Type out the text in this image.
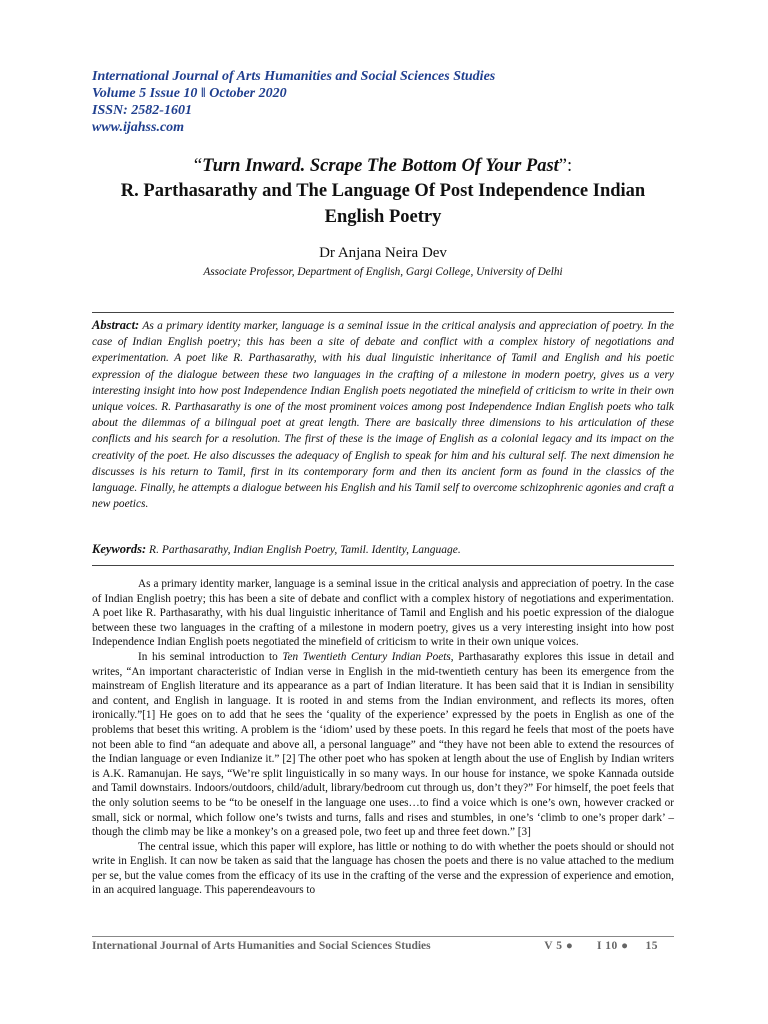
International Journal of Arts Humanities and Social Sciences Studies
Volume 5 Issue 10 ǁ October 2020
ISSN: 2582-1601
www.ijahss.com
“Turn Inward. Scrape The Bottom Of Your Past”:
R. Parthasarathy and The Language Of Post Independence Indian English Poetry
Dr Anjana Neira Dev
Associate Professor, Department of English, Gargi College, University of Delhi
Abstract: As a primary identity marker, language is a seminal issue in the critical analysis and appreciation of poetry. In the case of Indian English poetry; this has been a site of debate and conflict with a complex history of negotiations and experimentation. A poet like R. Parthasarathy, with his dual linguistic inheritance of Tamil and English and his poetic expression of the dialogue between these two languages in the crafting of a milestone in modern poetry, gives us a very interesting insight into how post Independence Indian English poets negotiated the minefield of criticism to write in their own unique voices. R. Parthasarathy is one of the most prominent voices among post Independence Indian English poets who talk about the dilemmas of a bilingual poet at great length. There are basically three dimensions to his articulation of these conflicts and his search for a resolution. The first of these is the image of English as a colonial legacy and its impact on the creativity of the poet. He also discusses the adequacy of English to speak for him and his cultural self. The next dimension he discusses is his return to Tamil, first in its contemporary form and then its ancient form as found in the classics of the language. Finally, he attempts a dialogue between his English and his Tamil self to overcome schizophrenic agonies and craft a new poetics.
Keywords: R. Parthasarathy, Indian English Poetry, Tamil. Identity, Language.

As a primary identity marker, language is a seminal issue in the critical analysis and appreciation of poetry. In the case of Indian English poetry; this has been a site of debate and conflict with a complex history of negotiations and experimentation. A poet like R. Parthasarathy, with his dual linguistic inheritance of Tamil and English and his poetic expression of the dialogue between these two languages in the crafting of a milestone in modern poetry, gives us a very interesting insight into how post Independence Indian English poets negotiated the minefield of criticism to write in their own unique voices.

In his seminal introduction to Ten Twentieth Century Indian Poets, Parthasarathy explores this issue in detail and writes, “An important characteristic of Indian verse in English in the mid-twentieth century has been its emergence from the mainstream of English literature and its appearance as a part of Indian literature. It has been said that it is Indian in sensibility and content, and English in language. It is rooted in and stems from the Indian environment, and reflects its mores, often ironically.”[1] He goes on to add that he sees the ‘quality of the experience’ expressed by the poets in English as one of the problems that beset this writing. A problem is the ‘idiom’ used by these poets. In this regard he feels that most of the poets have not been able to find “an adequate and above all, a personal language” and “they have not been able to extend the resources of the Indian language or even Indianize it.” [2] The other poet who has spoken at length about the use of English by Indian writers is A.K. Ramanujan. He says, “We’re split linguistically in so many ways. In our house for instance, we spoke Kannada outside and Tamil downstairs. Indoors/outdoors, child/adult, library/bedroom cut through us, don’t they?” For himself, the poet feels that the only solution seems to be “to be oneself in the language one uses…to find a voice which is one’s own, however cracked or small, sick or normal, which follow one’s twists and turns, falls and rises and stumbles, in one’s ‘climb to one’s proper dark’ – though the climb may be like a monkey’s on a greased pole, two feet up and three feet down.” [3]

The central issue, which this paper will explore, has little or nothing to do with whether the poets should or should not write in English. It can now be taken as said that the language has chosen the poets and there is no value attached to the medium per se, but the value comes from the efficacy of its use in the crafting of the verse and the expression of experience and emotion, in an acquired language. This paperendeavours to

International Journal of Arts Humanities and Social Sciences Studies	V 5 ● I 10 ● 15
